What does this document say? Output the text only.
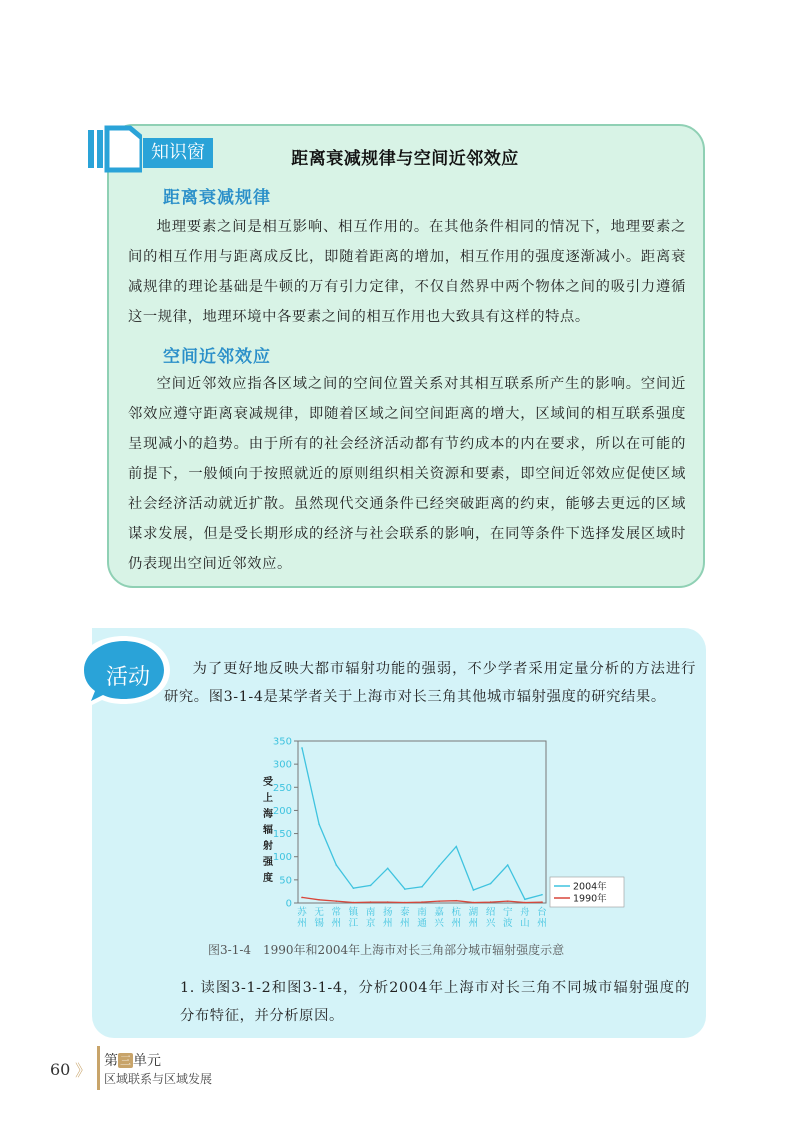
知识窗	距离衰减规律与空间近邻效应
距离衰减规律

地理要素之间是相互影响、相互作用的。在其他条件相同的情况下，地理要素之间的相互作用与距离成反比，即随着距离的增加，相互作用的强度逐渐减小。距离衰减规律的理论基础是牛顿的万有引力定律，不仅自然界中两个物体之间的吸引力遵循这一规律，地理环境中各要素之间的相互作用也大致具有这样的特点。

空间近邻效应

空间近邻效应指各区域之间的空间位置关系对其相互联系所产生的影响。空间近邻效应遵守距离衰减规律，即随着区域之间空间距离的增大，区域间的相互联系强度呈现减小的趋势。由于所有的社会经济活动都有节约成本的内在要求，所以在可能的前提下，一般倾向于按照就近的原则组织相关资源和要素，即空间近邻效应促使区域社会经济活动就近扩散。虽然现代交通条件已经突破距离的约束，能够去更远的区域谋求发展，但是受长期形成的经济与社会联系的影响，在同等条件下选择发展区域时仍表现出空间近邻效应。

活动	为了更好地反映大都市辐射功能的强弱，不少学者采用定量分析的方法进行研究。图3-1-4是某学者关于上海市对长三角其他城市辐射强度的研究结果。

0
50
100
150
200
250
300
350
受
上
海
辐
射
强
度
苏
州
无
锡
常
州
镇
江
南
京
扬
州
泰
州
南
通
嘉
兴
杭
州
湖
州
绍
兴
宁
波
舟
山
台
州
2004年
1990年
图3-1-4　1990年和2004年上海市对长三角部分城市辐射强度示意

1. 读图3-1-2和图3-1-4，分析2004年上海市对长三角不同城市辐射强度的分布特征，并分析原因。

60 》 第 三 单元
区域联系与区域发展
